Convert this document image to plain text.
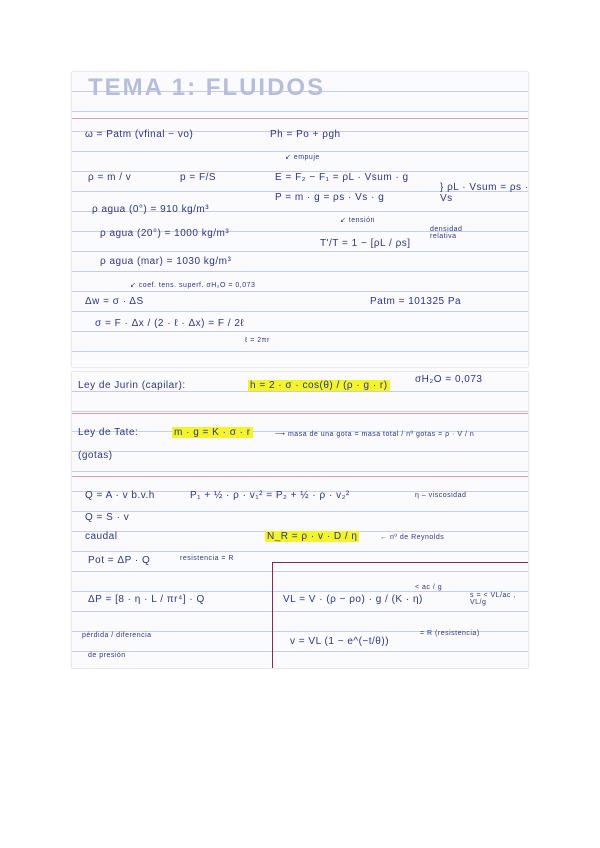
TEMA 1: FLUIDOS
ω = Patm (vfinal − vo)	Ph = Po + ρgh
↙ empuje
ρ = m / v	p = F/S	E = F₂ − F₁ = ρL · Vsum · g
P = m · g = ρs · Vs · g
} ρL · Vsum = ρs · Vs
ρ agua (0°) = 910 kg/m³
↙ tensión
ρ agua (20°) = 1000 kg/m³
T'/T = 1 − [ρL / ρs]
densidad relativa
ρ agua (mar) = 1030 kg/m³
↙ coef. tens. superf. σH₂O = 0,073
Δw = σ · ΔS	Patm = 101325 Pa
σ = F · Δx / (2 · ℓ · Δx) = F / 2ℓ
ℓ = 2πr
Ley de Jurin (capilar):	h = 2 · σ · cos(θ) / (ρ · g · r)
σH₂O = 0,073
Ley de Tate:	m · g = K · σ · r	⟶ masa de una gota = masa total / nº gotas = ρ · V / n
(gotas)
Q = A · v b.v.h	P₁ + ½ · ρ · v₁² = P₂ + ½ · ρ · v₂²	η – viscosidad
Q = S · v
caudal	N_R = ρ · v · D / η	← nº de Reynolds
Pot = ΔP · Q	resistencia = R
ΔP = [8 · η · L / πr⁴] · Q
pérdida / diferencia
de presión
VL = V · (ρ − ρo) · g / (K · η)
< ac / g
s = < VL/ac , VL/g
= R (resistencia)
v = VL (1 − e^(−t/θ))
